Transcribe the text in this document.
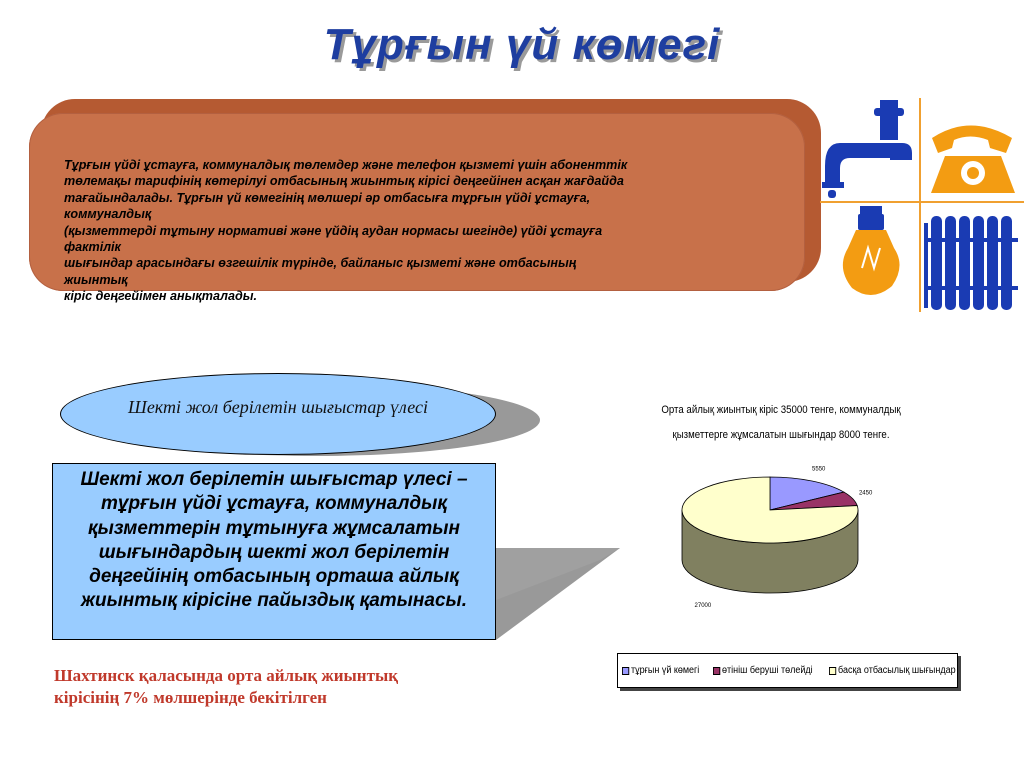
Тұрғын үй көмегі
Тұрғын үйді ұстауға, коммуналдық төлемдер және телефон қызметі үшін абоненттік
төлемақы тарифінің көтерілуі отбасының жиынтық кірісі деңгейінен асқан жағдайда
тағайындалады. Тұрғын үй көмегінің мөлшері әр отбасыға тұрғын үйді ұстауға,
коммуналдық
(қызметтерді тұтыну нормативі және үйдің аудан нормасы шегінде) үйді ұстауға
фактілік
шығындар арасындағы өзгешілік түрінде, байланыс қызметі және отбасының
жиынтық
кіріс деңгейімен анықталады.
Шекті жол берілетін шығыстар үлесі
Шекті жол берілетін шығыстар үлесі –
тұрғын үйді ұстауға, коммуналдық
қызметтерін тұтынуға жұмсалатын
шығындардың шекті жол берілетін
деңгейінің отбасының орташа айлық
жиынтық кірісіне пайыздық қатынасы.
Шахтинск қаласында орта айлық жиынтық
кірісінің 7% мөлшерінде бекітілген
Орта айлық жиынтық кіріс 35000 тенге, коммуналдық
қызметтерге жұмсалатын шығындар 8000 тенге.
5550
2450
27000
тұрғын үй көмегі өтініш беруші төлейді	басқа отбасылық шығындар
